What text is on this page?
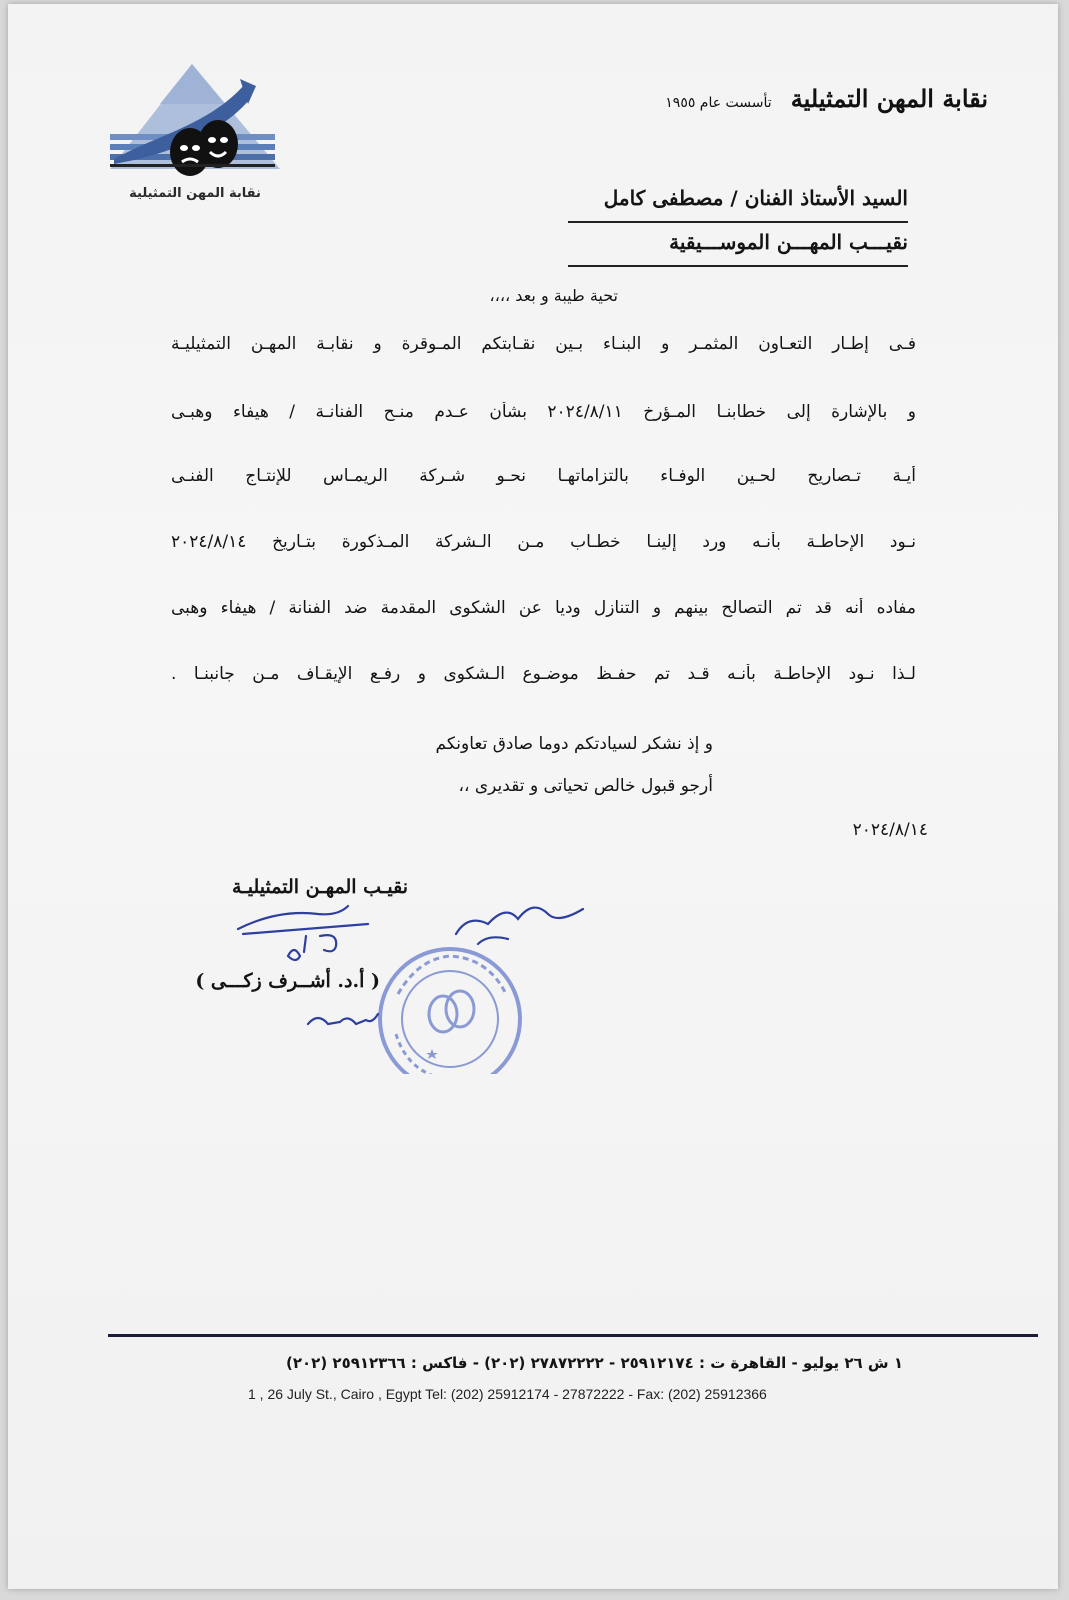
نقابة المهن التمثيلية
نقابة المهن التمثيلية تأسست عام ١٩٥٥
السيد الأستاذ الفنان / مصطفى كامل
نقيـــب المهـــن الموســـيقية
تحية طيبة و بعد ،،،،
فـى إطـار التعـاون المثمـر و البنـاء بـين نقـابتكم المـوقرة و نقابـة المهـن التمثيليـة
و بالإشارة إلى خطابنـا المـؤرخ ٢٠٢٤/٨/١١ بشأن عـدم منـح الفنانـة / هيفاء وهبـى
أيـة تـصاريح لحـين الوفـاء بالتزاماتهـا نحـو شـركة الريمـاس للإنتـاج الفنـى
نـود الإحاطـة بأنـه ورد إلينـا خطـاب مـن الـشركة المـذكورة بتـاريخ ٢٠٢٤/٨/١٤
مفاده أنه قد تم التصالح بينهم و التنازل وديا عن الشكوى المقدمة ضد الفنانة / هيفاء وهبى
لـذا نـود الإحاطـة بأنـه قـد تم حفـظ موضـوع الـشكوى و رفـع الإيقـاف مـن جانبنـا .
و إذ نشكر لسيادتكم دوما صادق تعاونكم
أرجو قبول خالص تحياتى و تقديرى ،،
٢٠٢٤/٨/١٤
نقيـب المهـن التمثيليـة
( أ.د. أشــرف زكـــى )
١ ش ٢٦ يوليو - القاهرة ت : ٢٥٩١٢١٧٤ - ٢٧٨٧٢٢٢٢ (٢٠٢) - فاكس : ٢٥٩١٢٣٦٦ (٢٠٢)
1 , 26 July St., Cairo , Egypt Tel: (202) 25912174 - 27872222 - Fax: (202) 25912366
